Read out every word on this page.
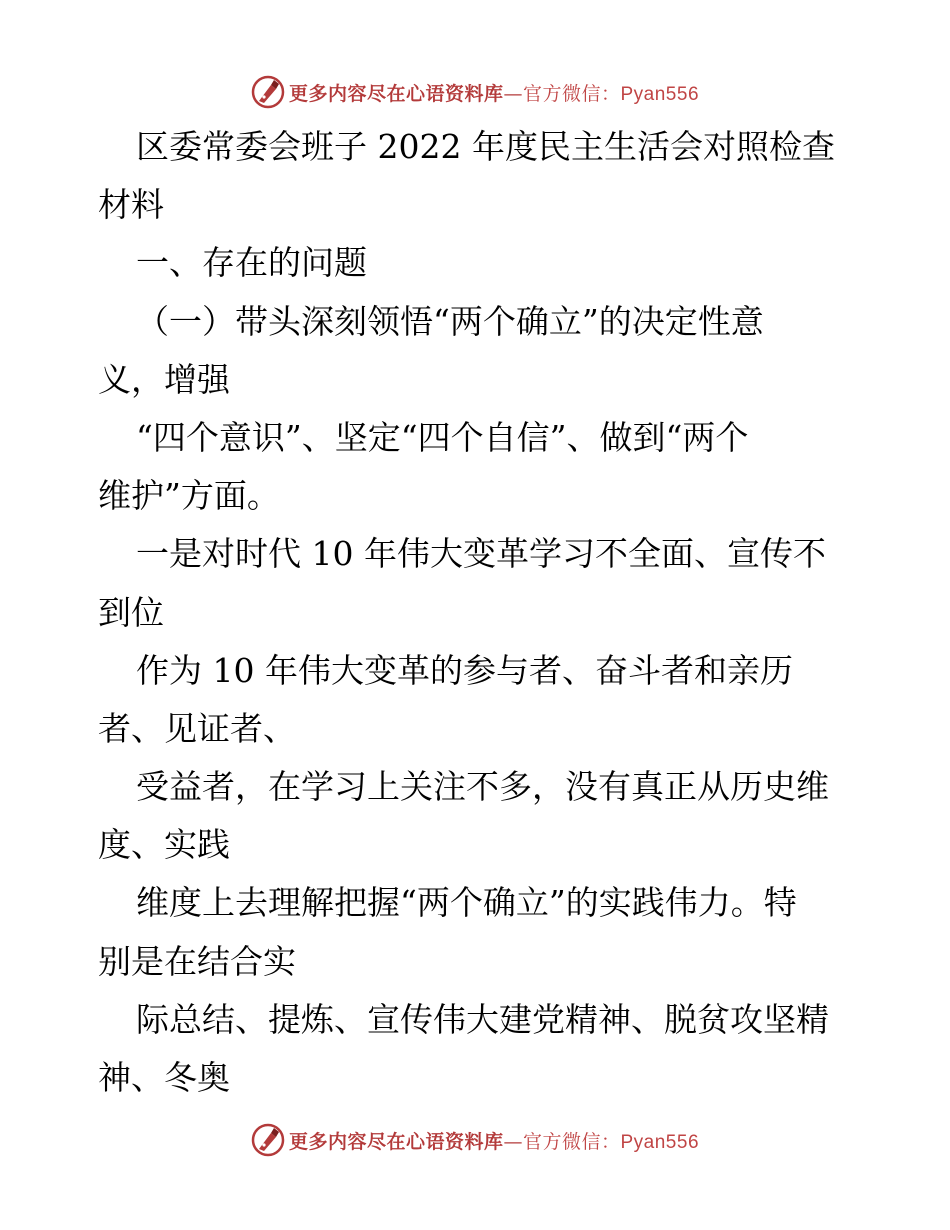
更多内容尽在心语资料库—官方微信：Pyan556
区委常委会班子 2022 年度民主生活会对照检查
材料
一、存在的问题
（一）带头深刻领悟“两个确立”的决定性意
义，增强
“四个意识”、坚定“四个自信”、做到“两个
维护”方面。
一是对时代 10 年伟大变革学习不全面、宣传不
到位
作为 10 年伟大变革的参与者、奋斗者和亲历
者、见证者、
受益者，在学习上关注不多，没有真正从历史维
度、实践
维度上去理解把握“两个确立”的实践伟力。特
别是在结合实
际总结、提炼、宣传伟大建党精神、脱贫攻坚精
神、冬奥
更多内容尽在心语资料库—官方微信：Pyan556
